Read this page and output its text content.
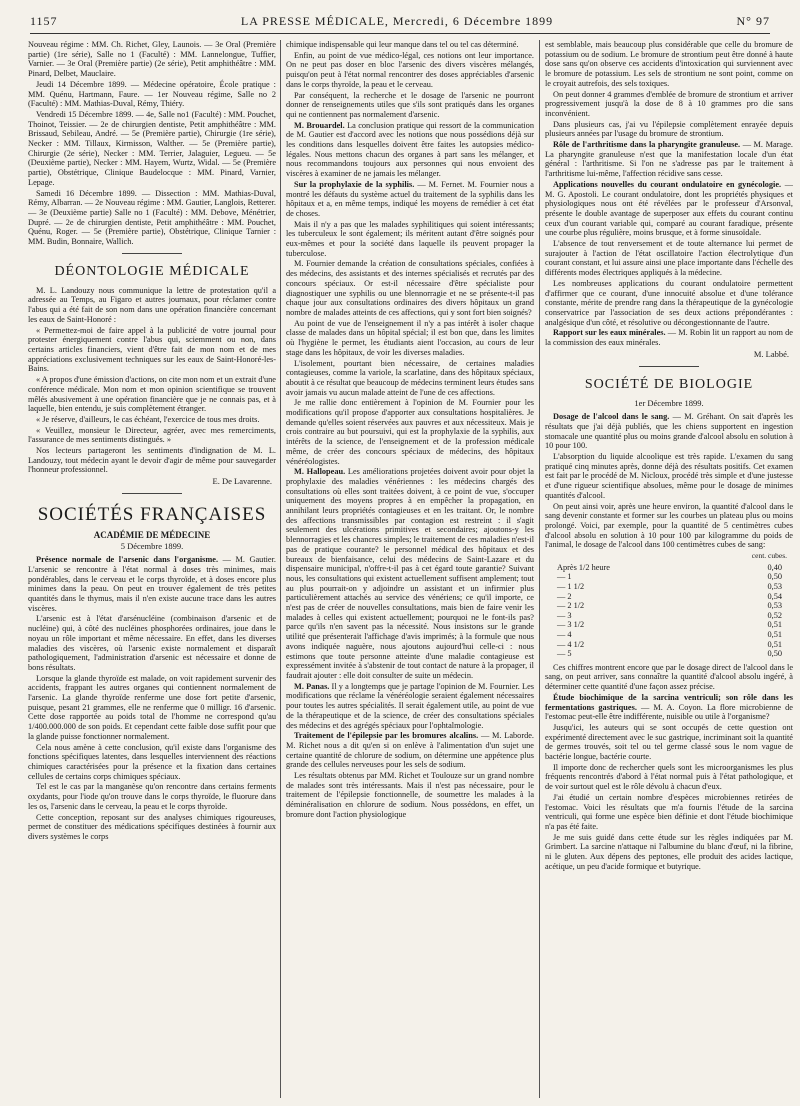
1157	LA PRESSE MÉDICALE, Mercredi, 6 Décembre 1899	N° 97

Nouveau régime : MM. Ch. Richet, Gley, Launois. — 3e Oral (Première partie) (1re série), Salle no 1 (Faculté) : MM. Lannelongue, Tuffier, Varnier. — 3e Oral (Première partie) (2e série), Petit amphithéâtre : MM. Pinard, Delbet, Mauclaire.

Jeudi 14 Décembre 1899. — Médecine opératoire, École pratique : MM. Quénu, Hartmann, Faure. — 1er Nouveau régime, Salle no 2 (Faculté) : MM. Mathias-Duval, Rémy, Thiéry.

Vendredi 15 Décembre 1899. — 4e, Salle no1 (Faculté) : MM. Pouchet, Thoinot, Teissier. — 2e de chirurgien dentiste, Petit amphithéâtre : MM. Brissaud, Sebileau, André. — 5e (Première partie), Chirurgie (1re série), Necker : MM. Tillaux, Kirmisson, Walther. — 5e (Première partie), Chirurgie (2e série), Necker : MM. Terrier, Jalaguier, Legueu. — 5e (Deuxième partie), Necker : MM. Hayem, Wurtz, Widal. — 5e (Première partie), Obstétrique, Clinique Baudelocque : MM. Pinard, Varnier, Lepage.

Samedi 16 Décembre 1899. — Dissection : MM. Mathias-Duval, Rémy, Albarran. — 2e Nouveau régime : MM. Gautier, Langlois, Retterer. — 3e (Deuxième partie) Salle no 1 (Faculté) : MM. Debove, Ménétrier, Dupré. — 2e de chirurgien dentiste, Petit amphithéâtre : MM. Pouchet, Quénu, Roger. — 5e (Première partie), Obstétrique, Clinique Tarnier : MM. Budin, Bonnaire, Wallich.

DÉONTOLOGIE MÉDICALE

M. L. Landouzy nous communique la lettre de protestation qu'il a adressée au Temps, au Figaro et autres journaux, pour réclamer contre l'abus qui a été fait de son nom dans une opération financière concernant les eaux de Saint-Honoré :

« Permettez-moi de faire appel à la publicité de votre journal pour protester énergiquement contre l'abus qui, sciemment ou non, dans certains articles financiers, vient d'être fait de mon nom et de mes appréciations exclusivement techniques sur les eaux de Saint-Honoré-les-Bains.

« A propos d'une émission d'actions, on cite mon nom et un extrait d'une conférence médicale. Mon nom et mon opinion scientifique se trouvent mêlés abusivement à une opération financière que je ne connais pas, et à laquelle, bien entendu, je suis complètement étranger.

« Je réserve, d'ailleurs, le cas échéant, l'exercice de tous mes droits.

« Veuillez, monsieur le Directeur, agréer, avec mes remerciments, l'assurance de mes sentiments distingués. »

Nos lecteurs partageront les sentiments d'indignation de M. L. Landouzy, tout médecin ayant le devoir d'agir de même pour sauvegarder l'honneur professionnel.

E. De Lavarenne.
SOCIÉTÉS FRANÇAISES
ACADÉMIE DE MÉDECINE
5 Décembre 1899.

Présence normale de l'arsenic dans l'organisme. — M. Gautier. L'arsenic se rencontre à l'état normal à doses très minimes, mais pondérables, dans le cerveau et le corps thyroïde, et à doses encore plus minimes dans la peau. On peut en trouver également de très petites quantités dans le thymus, mais il n'en existe aucune trace dans les autres viscères.

L'arsenic est à l'état d'arsénucléine (combinaison d'arsenic et de nucléine) qui, à côté des nucléines phosphorées ordinaires, joue dans le noyau un rôle important et même nécessaire. En effet, dans les diverses maladies des viscères, où l'arsenic existe normalement et disparaît pathologiquement, l'administration d'arsenic est nécessaire et donne de bons résultats.

Lorsque la glande thyroïde est malade, on voit rapidement survenir des accidents, frappant les autres organes qui contiennent normalement de l'arsenic. La glande thyroïde renferme une dose fort petite d'arsenic, puisque, pesant 21 grammes, elle ne renferme que 0 milligr. 16 d'arsenic. Cette dose rapportée au poids total de l'homme ne correspond qu'au 1/400.000.000 de son poids. Et cependant cette faible dose suffit pour que la glande puisse fonctionner normalement.

Cela nous amène à cette conclusion, qu'il existe dans l'organisme des fonctions spécifiques latentes, dans lesquelles interviennent des réactions chimiques caractérisées pour la présence et la fixation dans certaines cellules de certains corps chimiques spéciaux.

Tel est le cas par la manganèse qu'on rencontre dans certains ferments oxydants, pour l'iode qu'on trouve dans le corps thyroïde, le fluorure dans les os, l'arsenic dans le cerveau, la peau et le corps thyroïde.

Cette conception, reposant sur des analyses chimiques rigoureuses, permet de constituer des médications spécifiques destinées à fournir aux divers systèmes le corps

chimique indispensable qui leur manque dans tel ou tel cas déterminé.

Enfin, au point de vue médico-légal, ces notions ont leur importance. On ne peut pas doser en bloc l'arsenic des divers viscères mélangés, puisqu'on peut à l'état normal rencontrer des doses appréciables d'arsenic dans le corps thyroïde, la peau et le cerveau.

Par conséquent, la recherche et le dosage de l'arsenic ne pourront donner de renseignements utiles que s'ils sont pratiqués dans les organes qui ne contiennent pas normalement d'arsenic.

M. Brouardel. La conclusion pratique qui ressort de la communication de M. Gautier est d'accord avec les notions que nous possédions déjà sur les conditions dans lesquelles doivent être faites les autopsies médico-légales. Nous mettons chacun des organes à part sans les mélanger, et nous recommandons toujours aux personnes qui nous envoient des viscères à examiner de ne jamais les mélanger.

Sur la prophylaxie de la syphilis. — M. Fernet. M. Fournier nous a montré les défauts du système actuel du traitement de la syphilis dans les hôpitaux et a, en même temps, indiqué les moyens de remédier à cet état de choses.

Mais il n'y a pas que les malades syphilitiques qui soient intéressants; les tuberculeux le sont également; ils méritent autant d'être soignés pour eux-mêmes et pour la société dans laquelle ils peuvent propager la tuberculose.

M. Fournier demande la création de consultations spéciales, confiées à des médecins, des assistants et des internes spécialisés et recrutés par des concours spéciaux. Or est-il nécessaire d'être spécialiste pour diagnostiquer une syphilis ou une blennorragie et ne se présente-t-il pas chaque jour aux consultations ordinaires des divers hôpitaux un grand nombre de malades atteints de ces affections, qui y sont fort bien soignés?

Au point de vue de l'enseignement il n'y a pas intérêt à isoler chaque classe de malades dans un hôpital spécial; il est bon que, dans les limites où l'hygiène le permet, les étudiants aient l'occasion, au cours de leur stage dans les hôpitaux, de voir les diverses maladies.

L'isolement, pourtant bien nécessaire, de certaines maladies contagieuses, comme la variole, la scarlatine, dans des hôpitaux spéciaux, aboutit à ce résultat que beaucoup de médecins terminent leurs études sans avoir jamais vu aucun malade atteint de l'une de ces affections.

Je me rallie donc entièrement à l'opinion de M. Fournier pour les modifications qu'il propose d'apporter aux consultations hospitalières. Je demande qu'elles soient réservées aux pauvres et aux nécessiteux. Mais je crois contraire au but poursuivi, qui est la prophylaxie de la syphilis, aux intérêts de la science, de l'enseignement et de la profession médicale même, de créer des concours spéciaux de médecins, des hôpitaux vénéréologistes.

M. Hallopeau. Les améliorations projetées doivent avoir pour objet la prophylaxie des maladies vénériennes : les médecins chargés des consultations où elles sont traitées doivent, à ce point de vue, s'occuper uniquement des moyens propres à en empêcher la propagation, en annihilant leurs propriétés contagieuses et en les traitant. Or, le nombre des affections transmissibles par contagion est restreint : il s'agit seulement des ulcérations primitives et secondaires; ajoutons-y les blennorragies et les chancres simples; le traitement de ces maladies n'est-il pas de pratique courante? le personnel médical des hôpitaux et des bureaux de bienfaisance, celui des médecins de Saint-Lazare et du dispensaire municipal, n'offre-t-il pas à cet égard toute garantie? Suivant nous, les consultations qui existent actuellement suffisent amplement; tout au plus pourrait-on y adjoindre un assistant et un infirmier plus particulièrement attachés au service des vénériens; ce qu'il importe, ce n'est pas de créer de nouvelles consultations, mais bien de faire venir les malades à celles qui existent actuellement; pourquoi ne le font-ils pas? parce qu'ils n'en savent pas la nécessité. Nous insistons sur le grande utilité que présenterait l'affichage d'avis imprimés; à la formule que nous avons indiquée naguère, nous ajoutons aujourd'hui celle-ci : nous estimons que toute personne atteinte d'une maladie contagieuse est expressément invitée à s'abstenir de tout contact de nature à la propager, il faudrait ajouter : elle doit consulter de suite un médecin.

M. Panas. Il y a longtemps que je partage l'opinion de M. Fournier. Les modifications que réclame la vénéréologie seraient également nécessaires pour toutes les autres spécialités. Il serait également utile, au point de vue de la thérapeutique et de la science, de créer des consultations spéciales des médecins et des agrégés spéciaux pour l'ophtalmologie.

Traitement de l'épilepsie par les bromures alcalins. — M. Laborde. M. Richet nous a dit qu'en si on enlève à l'alimentation d'un sujet une certaine quantité de chlorure de sodium, on détermine une appétence plus grande des cellules nerveuses pour les sels de sodium.

Les résultats obtenus par MM. Richet et Toulouze sur un grand nombre de malades sont très intéressants. Mais il n'est pas nécessaire, pour le traitement de l'épilepsie fonctionnelle, de soumettre les malades à la déminéralisation en chlorure de sodium. Nous possédons, en effet, un bromure dont l'action physiologique

est semblable, mais beaucoup plus considérable que celle du bromure de potassium ou de sodium. Le bromure de strontium peut être donné à haute dose sans qu'on observe ces accidents d'intoxication qui surviennent avec le bromure de potassium. Les sels de strontium ne sont point, comme on le croyait autrefois, des sels toxiques.

On peut donner 4 grammes d'emblée de bromure de strontium et arriver progressivement jusqu'à la dose de 8 à 10 grammes pro die sans inconvénient.

Dans plusieurs cas, j'ai vu l'épilepsie complètement enrayée depuis plusieurs années par l'usage du bromure de strontium.

Rôle de l'arthritisme dans la pharyngite granuleuse. — M. Marage. La pharyngite granuleuse n'est que la manifestation locale d'un état général : l'arthritisme. Si l'on ne s'adresse pas par le traitement à l'arthritisme lui-même, l'affection récidive sans cesse.

Applications nouvelles du courant ondulatoire en gynécologie. — M. G. Apostoli. Le courant ondulatoire, dont les propriétés physiques et physiologiques nous ont été révélées par le professeur d'Arsonval, présente le double avantage de superposer aux effets du courant continu ceux d'un courant variable qui, comparé au courant faradique, présente une courbe plus régulière, moins brusque, et à forme sinusoïdale.

L'absence de tout renversement et de toute alternance lui permet de surajouter à l'action de l'état oscillatoire l'action électrolytique d'un courant constant, et lui assure ainsi une place importante dans l'échelle des différents modes électriques appliqués à la médecine.

Les nombreuses applications du courant ondulatoire permettent d'affirmer que ce courant, d'une innocuité absolue et d'une tolérance constante, mérite de prendre rang dans la thérapeutique de la gynécologie conservatrice par l'association de ses deux actions prépondérantes : analgésique d'un côté, et résolutive ou décongestionnante de l'autre.

Rapport sur les eaux minérales. — M. Robin lit un rapport au nom de la commission des eaux minérales.

M. Labbé.
SOCIÉTÉ DE BIOLOGIE
1er Décembre 1899.

Dosage de l'alcool dans le sang. — M. Gréhant. On sait d'après les résultats que j'ai déjà publiés, que les chiens supportent en ingestion stomacale une quantité plus ou moins grande d'alcool absolu en solution à 10 pour 100.

L'absorption du liquide alcoolique est très rapide. L'examen du sang pratiqué cinq minutes après, donne déjà des résultats positifs. Cet examen est fait par le procédé de M. Nicloux, procédé très simple et d'une justesse et d'une rigueur scientifique absolues, même pour le dosage de minimes quantités d'alcool.

On peut ainsi voir, après une heure environ, la quantité d'alcool dans le sang devenir constante et former sur les courbes un plateau plus ou moins prolongé. Voici, par exemple, pour la quantité de 5 centimètres cubes d'alcool absolu en solution à 10 pour 100 par kilogramme du poids de l'animal, le dosage de l'alcool dans 100 centimètres cubes de sang:

cent. cubes.
Après 1/2 heure	0,40
— 1	0,50
— 1 1/2	0,53
— 2	0,54
— 2 1/2	0,53
— 3	0,52
— 3 1/2	0,51
— 4	0,51
— 4 1/2	0,51
— 5	0,50

Ces chiffres montrent encore que par le dosage direct de l'alcool dans le sang, on peut arriver, sans connaître la quantité d'alcool absolu ingéré, à déterminer cette quantité d'une façon assez précise.

Étude biochimique de la sarcina ventriculi; son rôle dans les fermentations gastriques. — M. A. Coyon. La flore microbienne de l'estomac peut-elle être indifférente, nuisible ou utile à l'organisme?

Jusqu'ici, les auteurs qui se sont occupés de cette question ont expérimenté directement avec le suc gastrique, incriminant soit la quantité de germes trouvés, soit tel ou tel germe classé sous le nom vague de bactérie longue, bactérie courte.

Il importe donc de rechercher quels sont les microorganismes les plus fréquents rencontrés d'abord à l'état normal puis à l'état pathologique, et de voir surtout quel est le rôle dévolu à chacun d'eux.

J'ai étudié un certain nombre d'espèces microbiennes retirées de l'estomac. Voici les résultats que m'a fournis l'étude de la sarcina ventriculi, qui forme une espèce bien définie et dont l'étude biochimique n'a pas été faite.

Je me suis guidé dans cette étude sur les règles indiquées par M. Grimbert. La sarcine n'attaque ni l'albumine du blanc d'œuf, ni la fibrine, ni le gluten. Aux dépens des peptones, elle produit des acides lactique, acétique, un peu d'acide formique et butyrique.
